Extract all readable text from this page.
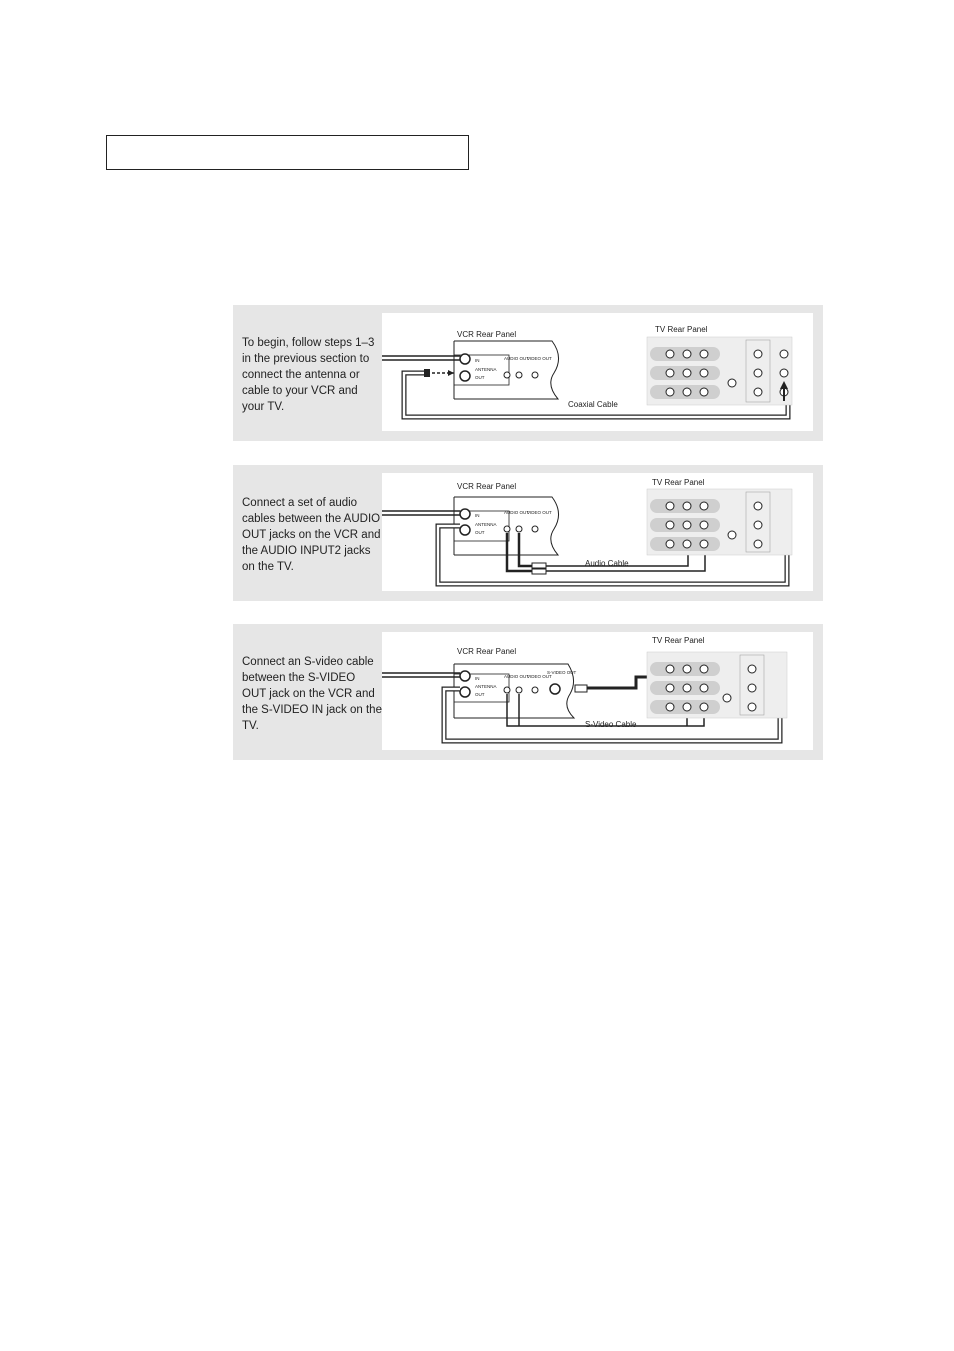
To begin, follow steps 1–3 in the previous section to connect the antenna or cable to your VCR and your TV.
VCR Rear Panel
IN
ANTENNA
OUT
AUDIO OUT
VIDEO OUT
Coaxial Cable
TV Rear Panel
Connect a set of audio cables between the AUDIO OUT jacks on the VCR and the AUDIO INPUT2 jacks on the TV.
VCR Rear Panel
IN
ANTENNA
OUT
AUDIO OUT
VIDEO OUT
Audio Cable
TV Rear Panel
Connect an S-video cable between the S-VIDEO OUT jack on the VCR and the S-VIDEO IN jack on the TV.
VCR Rear Panel
IN
ANTENNA
OUT
AUDIO OUT
VIDEO OUT
S-VIDEO OUT
S-Video Cable
TV Rear Panel
